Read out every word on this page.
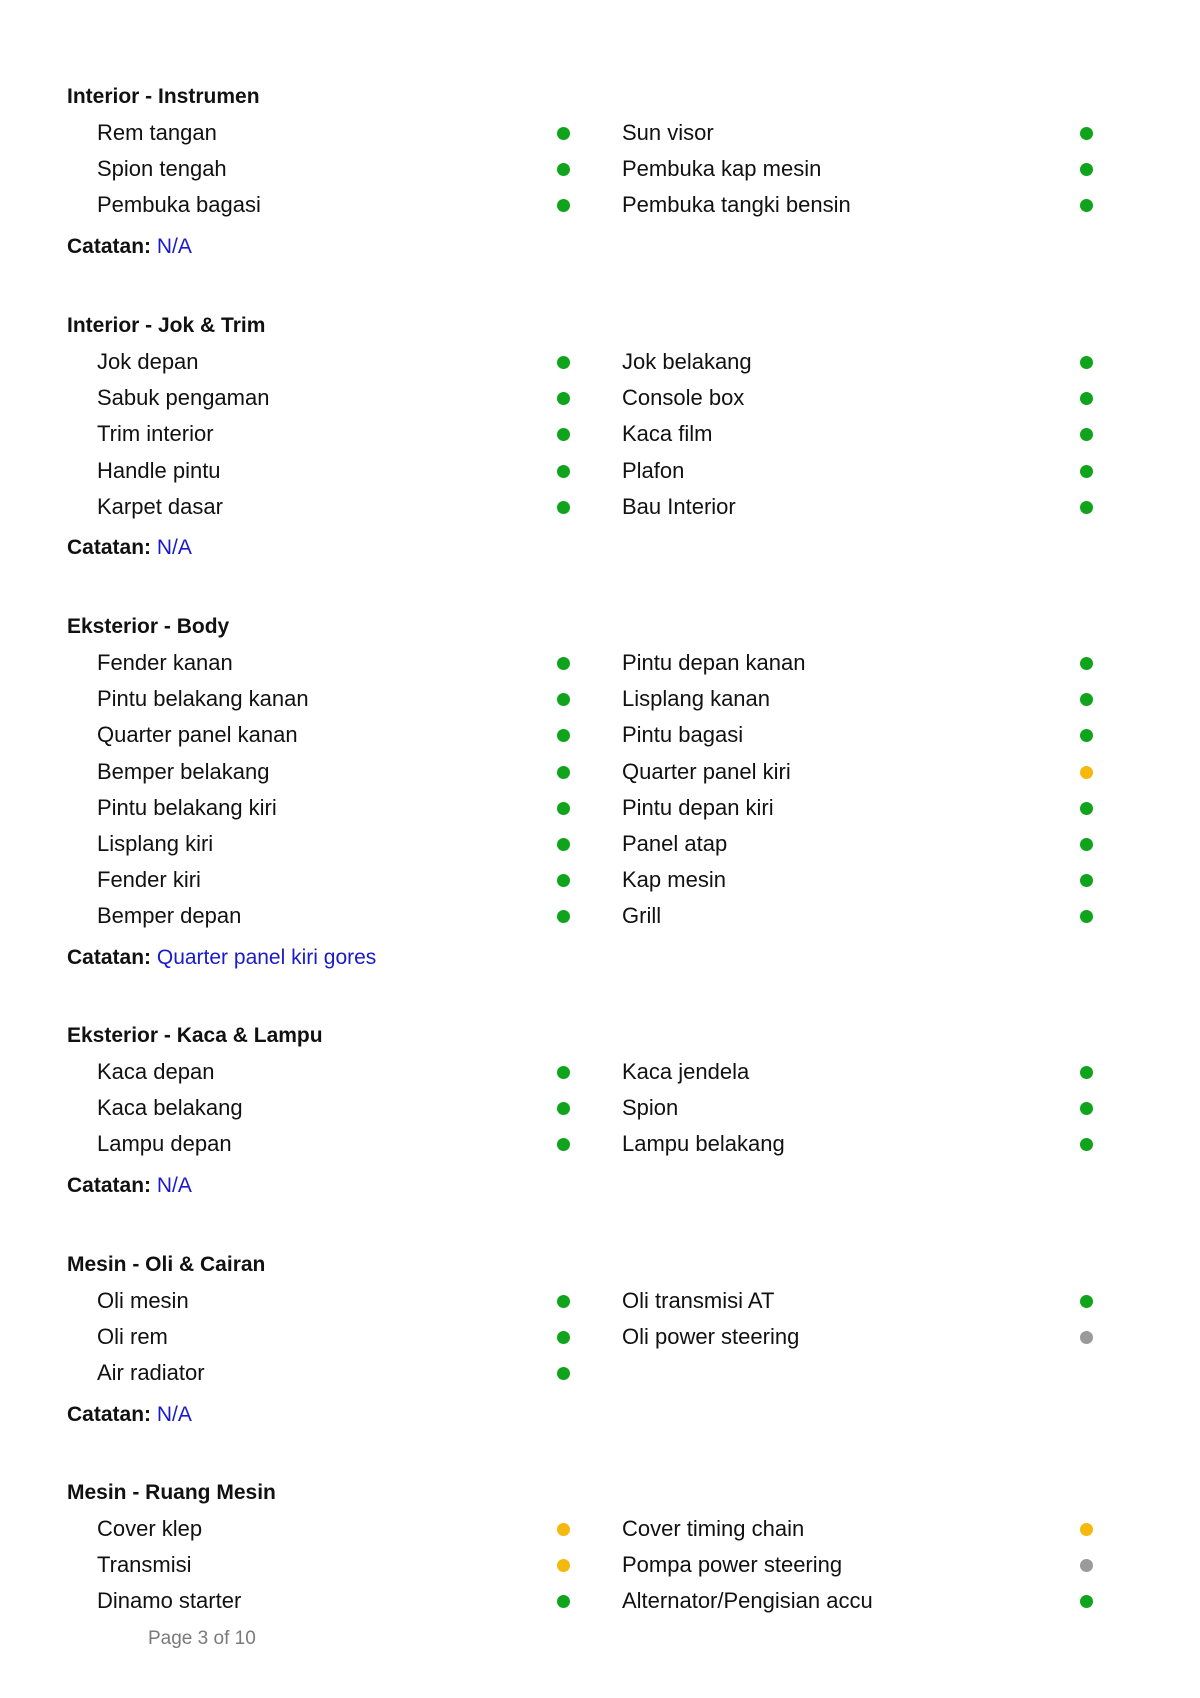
Interior - Instrumen
Rem tangan	Sun visor
Spion tengah	Pembuka kap mesin
Pembuka bagasi	Pembuka tangki bensin
Catatan: N/A
Interior - Jok & Trim
Jok depan	Jok belakang
Sabuk pengaman	Console box
Trim interior	Kaca film
Handle pintu	Plafon
Karpet dasar	Bau Interior
Catatan: N/A
Eksterior - Body
Fender kanan	Pintu depan kanan
Pintu belakang kanan	Lisplang kanan
Quarter panel kanan	Pintu bagasi
Bemper belakang	Quarter panel kiri
Pintu belakang kiri	Pintu depan kiri
Lisplang kiri	Panel atap
Fender kiri	Kap mesin
Bemper depan	Grill
Catatan: Quarter panel kiri gores
Eksterior - Kaca & Lampu
Kaca depan	Kaca jendela
Kaca belakang	Spion
Lampu depan	Lampu belakang
Catatan: N/A
Mesin - Oli & Cairan
Oli mesin	Oli transmisi AT
Oli rem	Oli power steering
Air radiator
Catatan: N/A
Mesin - Ruang Mesin
Cover klep	Cover timing chain
Transmisi	Pompa power steering
Dinamo starter	Alternator/Pengisian accu
Page 3 of 10
